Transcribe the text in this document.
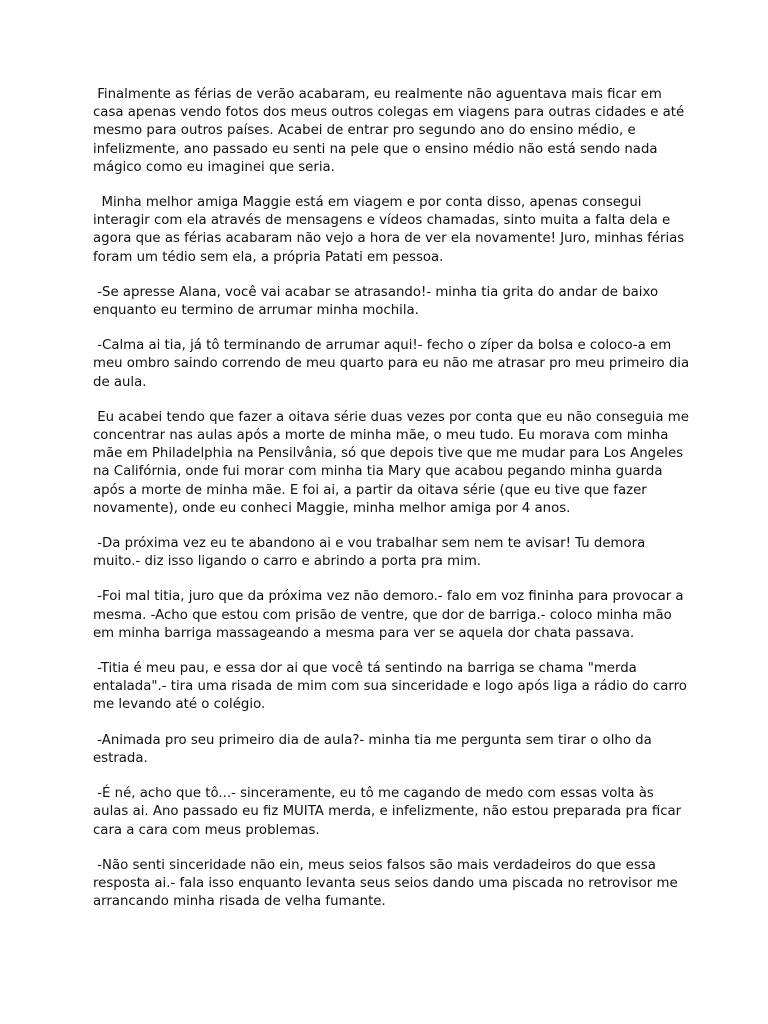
Finalmente as férias de verão acabaram, eu realmente não aguentava mais ficar em casa apenas vendo fotos dos meus outros colegas em viagens para outras cidades e até mesmo para outros países. Acabei de entrar pro segundo ano do ensino médio, e infelizmente, ano passado eu senti na pele que o ensino médio não está sendo nada mágico como eu imaginei que seria.

Minha melhor amiga Maggie está em viagem e por conta disso, apenas consegui interagir com ela através de mensagens e vídeos chamadas, sinto muita a falta dela e agora que as férias acabaram não vejo a hora de ver ela novamente! Juro, minhas férias foram um tédio sem ela, a própria Patati em pessoa.

-Se apresse Alana, você vai acabar se atrasando!- minha tia grita do andar de baixo enquanto eu termino de arrumar minha mochila.

-Calma ai tia, já tô terminando de arrumar aqui!- fecho o zíper da bolsa e coloco-a em meu ombro saindo correndo de meu quarto para eu não me atrasar pro meu primeiro dia de aula.

Eu acabei tendo que fazer a oitava série duas vezes por conta que eu não conseguia me concentrar nas aulas após a morte de minha mãe, o meu tudo. Eu morava com minha mãe em Philadelphia na Pensilvânia, só que depois tive que me mudar para Los Angeles na Califórnia, onde fui morar com minha tia Mary que acabou pegando minha guarda após a morte de minha mãe. E foi ai, a partir da oitava série (que eu tive que fazer novamente), onde eu conheci Maggie, minha melhor amiga por 4 anos.

-Da próxima vez eu te abandono ai e vou trabalhar sem nem te avisar! Tu demora muito.- diz isso ligando o carro e abrindo a porta pra mim.

-Foi mal titia, juro que da próxima vez não demoro.- falo em voz fininha para provocar a mesma. -Acho que estou com prisão de ventre, que dor de barriga.- coloco minha mão em minha barriga massageando a mesma para ver se aquela dor chata passava.

-Titia é meu pau, e essa dor ai que você tá sentindo na barriga se chama "merda entalada".- tira uma risada de mim com sua sinceridade e logo após liga a rádio do carro me levando até o colégio.

-Animada pro seu primeiro dia de aula?- minha tia me pergunta sem tirar o olho da estrada.

-É né, acho que tô...- sinceramente, eu tô me cagando de medo com essas volta às aulas ai. Ano passado eu fiz MUITA merda, e infelizmente, não estou preparada pra ficar cara a cara com meus problemas.

-Não senti sinceridade não ein, meus seios falsos são mais verdadeiros do que essa resposta ai.- fala isso enquanto levanta seus seios dando uma piscada no retrovisor me arrancando minha risada de velha fumante.
